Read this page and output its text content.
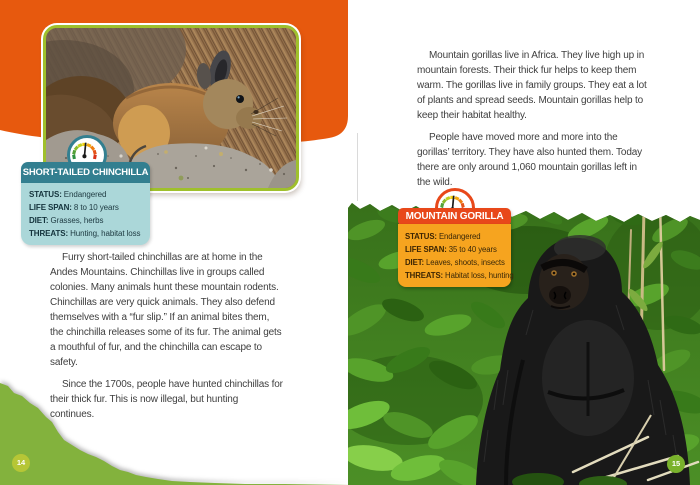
SHORT-TAILED CHINCHILLA
STATUS: Endangered
LIFE SPAN: 8 to 10 years
DIET: Grasses, herbs
THREATS: Hunting, habitat loss

Furry short-tailed chinchillas are at home in the Andes Mountains. Chinchillas live in groups called colonies. Many animals hunt these mountain rodents. Chinchillas are very quick animals. They also defend themselves with a “fur slip.” If an animal bites them, the chinchilla releases some of its fur. The animal gets a mouthful of fur, and the chinchilla can escape to safety.

Since the 1700s, people have hunted chinchillas for their thick fur. This is now illegal, but hunting continues.

14
MOUNTAIN GORILLA
STATUS: Endangered
LIFE SPAN: 35 to 40 years
DIET: Leaves, shoots, insects
THREATS: Habitat loss, hunting

Mountain gorillas live in Africa. They live high up in mountain forests. Their thick fur helps to keep them warm. The gorillas live in family groups. They eat a lot of plants and spread seeds. Mountain gorillas help to keep their habitat healthy.

People have moved more and more into the gorillas’ territory. They have also hunted them. Today there are only around 1,060 mountain gorillas left in the wild.

15
